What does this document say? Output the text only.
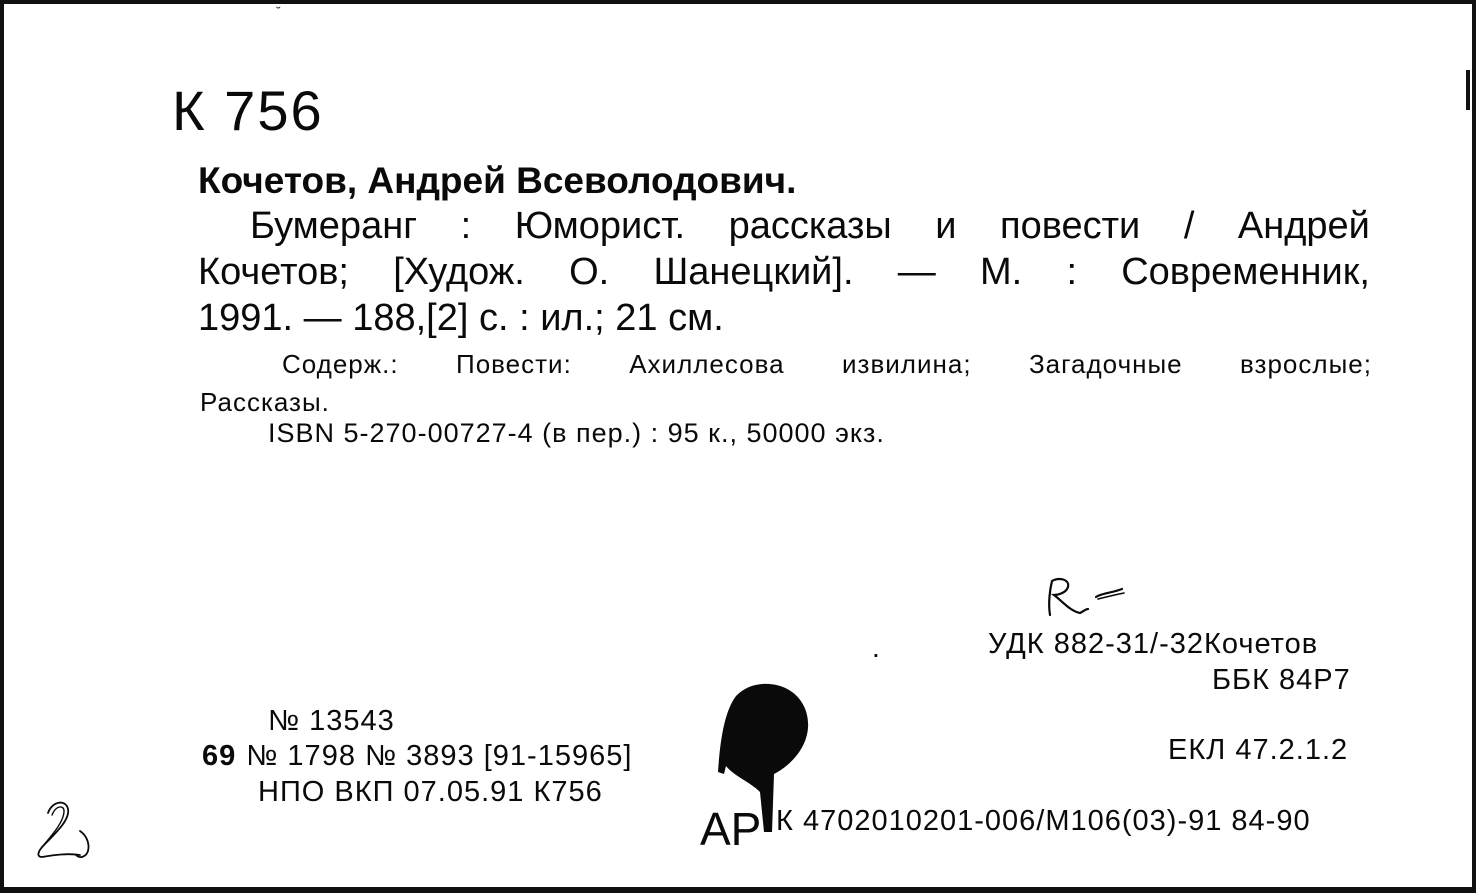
˘
К 756
Кочетов, Андрей Всеволодович.
Бумеранг : Юморист. рассказы и повести / Андрей
Кочетов; [Худож. О. Шанецкий]. — М. : Современник,
1991. — 188,[2] с. : ил.; 21 см.
Содерж.: Повести: Ахиллесова извилина; Загадочные взрослые;
Рассказы.
ISBN 5-270-00727-4 (в пер.) : 95 к., 50000 экз.
.	УДК 882-31/-32Кочетов
ББК 84Р7
ЕКЛ 47.2.1.2
№ 13543
69 № 1798 № 3893 [91-15965]
НПО ВКП 07.05.91 К756
АР К 4702010201-006/М106(03)-91 84-90
